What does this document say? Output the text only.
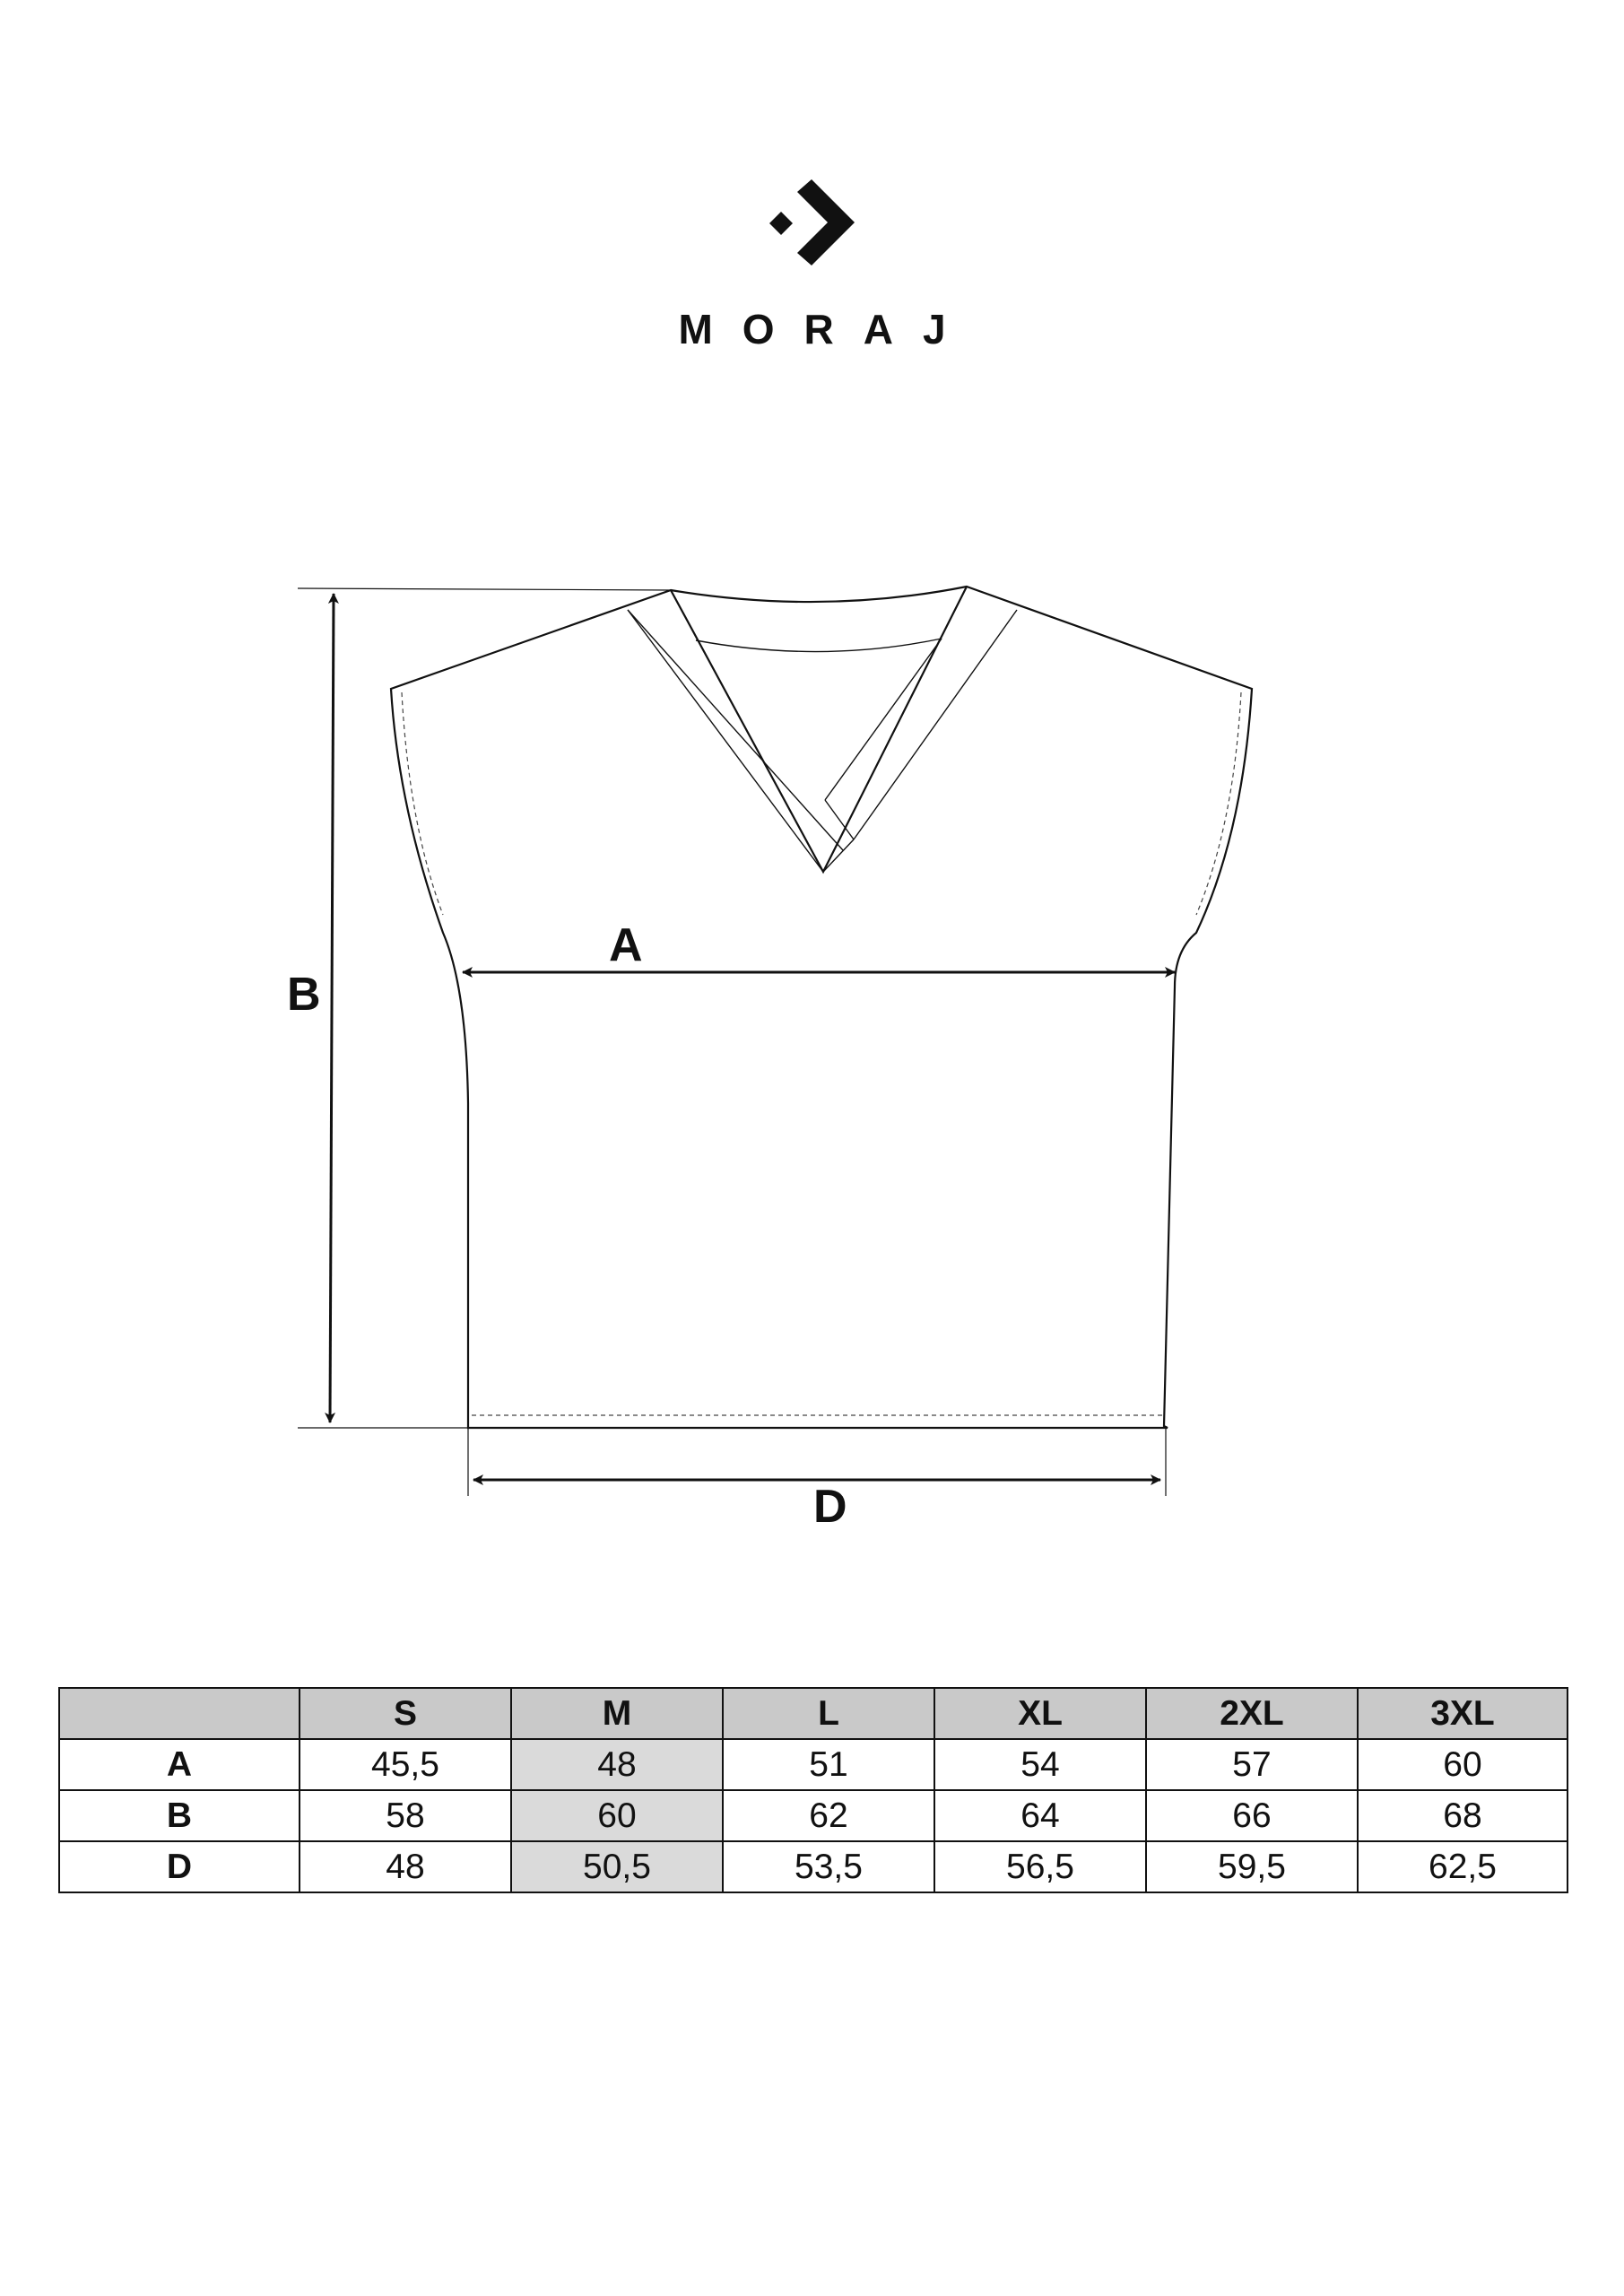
MORAJ
A
B
D
	S	M	L	XL	2XL	3XL
A	45,5	48	51	54	57	60
B	58	60	62	64	66	68
D	48	50,5	53,5	56,5	59,5	62,5
